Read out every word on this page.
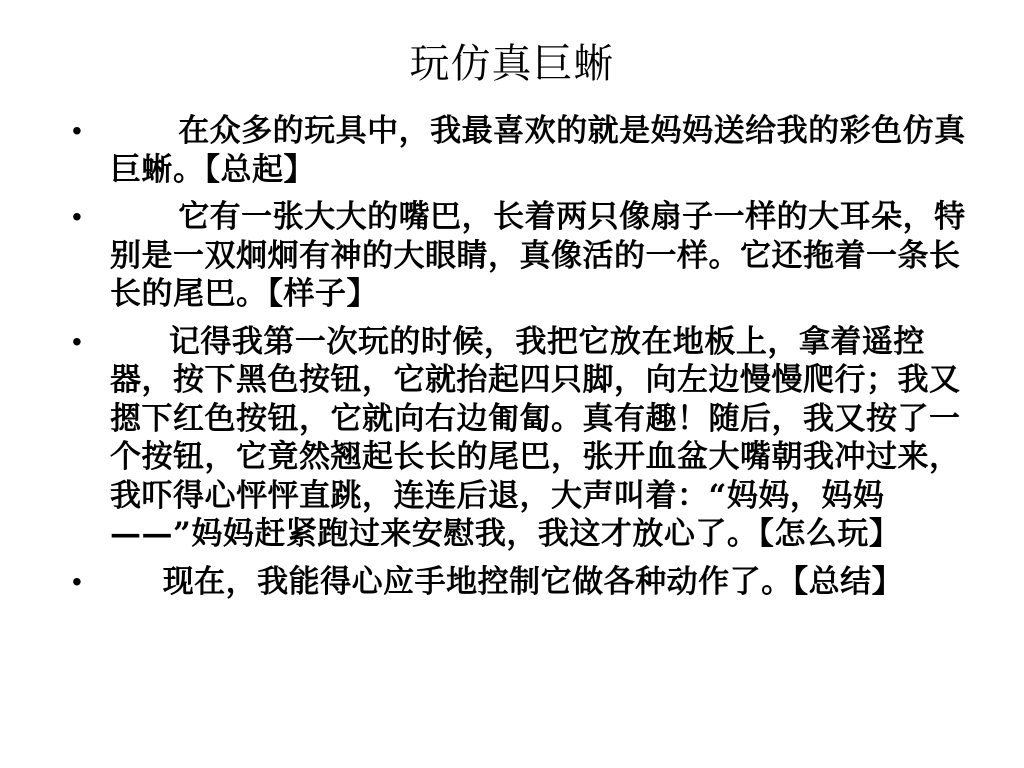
玩仿真巨蜥
•	在众多的玩具中，我最喜欢的就是妈妈送给我的彩色仿真巨蜥。【总起】
•	它有一张大大的嘴巴，长着两只像扇子一样的大耳朵，特别是一双炯炯有神的大眼睛，真像活的一样。它还拖着一条长长的尾巴。【样子】
•	记得我第一次玩的时候，我把它放在地板上，拿着遥控器，按下黑色按钮，它就抬起四只脚，向左边慢慢爬行；我又摁下红色按钮，它就向右边匍匐。真有趣！随后，我又按了一个按钮，它竟然翘起长长的尾巴，张开血盆大嘴朝我冲过来，我吓得心怦怦直跳，连连后退，大声叫着：“妈妈，妈妈——”妈妈赶紧跑过来安慰我，我这才放心了。【怎么玩】
•	现在，我能得心应手地控制它做各种动作了。【总结】
